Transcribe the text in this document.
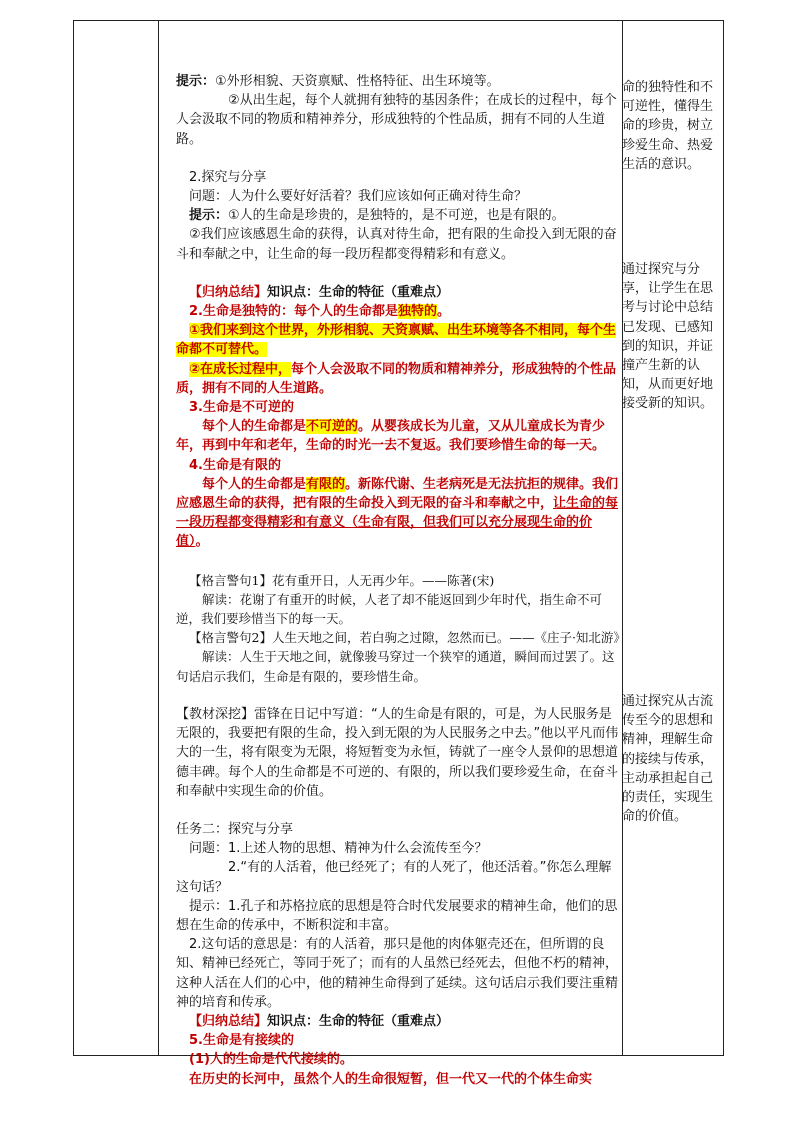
提示：①外形相貌、天资禀赋、性格特征、出生环境等。

②从出生起，每个人就拥有独特的基因条件；在成长的过程中，每个人会汲取不同的物质和精神养分，形成独特的个性品质，拥有不同的人生道路。

2.探究与分享

问题：人为什么要好好活着？我们应该如何正确对待生命？

提示：①人的生命是珍贵的，是独特的，是不可逆，也是有限的。

②我们应该感恩生命的获得，认真对待生命，把有限的生命投入到无限的奋斗和奉献之中，让生命的每一段历程都变得精彩和有意义。

【归纳总结】知识点：生命的特征（重难点）

2.生命是独特的：每个人的生命都是独特的。

①我们来到这个世界，外形相貌、天资禀赋、出生环境等各不相同，每个生命都不可替代。

②在成长过程中，每个人会汲取不同的物质和精神养分，形成独特的个性品质，拥有不同的人生道路。

3.生命是不可逆的

每个人的生命都是不可逆的。从婴孩成长为儿童，又从儿童成长为青少年，再到中年和老年，生命的时光一去不复返。我们要珍惜生命的每一天。

4.生命是有限的

每个人的生命都是有限的。新陈代谢、生老病死是无法抗拒的规律。我们应感恩生命的获得，把有限的生命投入到无限的奋斗和奉献之中，让生命的每一段历程都变得精彩和有意义（生命有限，但我们可以充分展现生命的价值）。

【格言警句1】花有重开日，人无再少年。——陈著(宋)

解读：花谢了有重开的时候，人老了却不能返回到少年时代，指生命不可逆，我们要珍惜当下的每一天。

【格言警句2】人生天地之间，若白驹之过隙，忽然而已。——《庄子·知北游》

解读：人生于天地之间，就像骏马穿过一个狭窄的通道，瞬间而过罢了。这句话启示我们，生命是有限的，要珍惜生命。

【教材深挖】雷锋在日记中写道：“人的生命是有限的，可是，为人民服务是无限的，我要把有限的生命，投入到无限的为人民服务之中去。”他以平凡而伟大的一生，将有限变为无限，将短暂变为永恒，铸就了一座令人景仰的思想道德丰碑。每个人的生命都是不可逆的、有限的，所以我们要珍爱生命，在奋斗和奉献中实现生命的价值。

任务二：探究与分享

问题：1.上述人物的思想、精神为什么会流传至今？

2.“有的人活着，他已经死了；有的人死了，他还活着。”你怎么理解这句话？

提示：1.孔子和苏格拉底的思想是符合时代发展要求的精神生命，他们的思想在生命的传承中，不断积淀和丰富。

2.这句话的意思是：有的人活着，那只是他的肉体躯壳还在，但所谓的良知、精神已经死亡，等同于死了；而有的人虽然已经死去，但他不朽的精神，这种人活在人们的心中，他的精神生命得到了延续。这句话启示我们要注重精神的培育和传承。

【归纳总结】知识点：生命的特征（重难点）

5.生命是有接续的

(1)人的生命是代代接续的。

在历史的长河中，虽然个人的生命很短暂，但一代又一代的个体生命实

命的独特性和不可逆性，懂得生命的珍贵，树立珍爱生命、热爱生活的意识。
通过探究与分享，让学生在思考与讨论中总结已发现、已感知到的知识，并证撞产生新的认知，从而更好地接受新的知识。
通过探究从古流传至今的思想和精神，理解生命的接续与传承，主动承担起自己的责任，实现生命的价值。
